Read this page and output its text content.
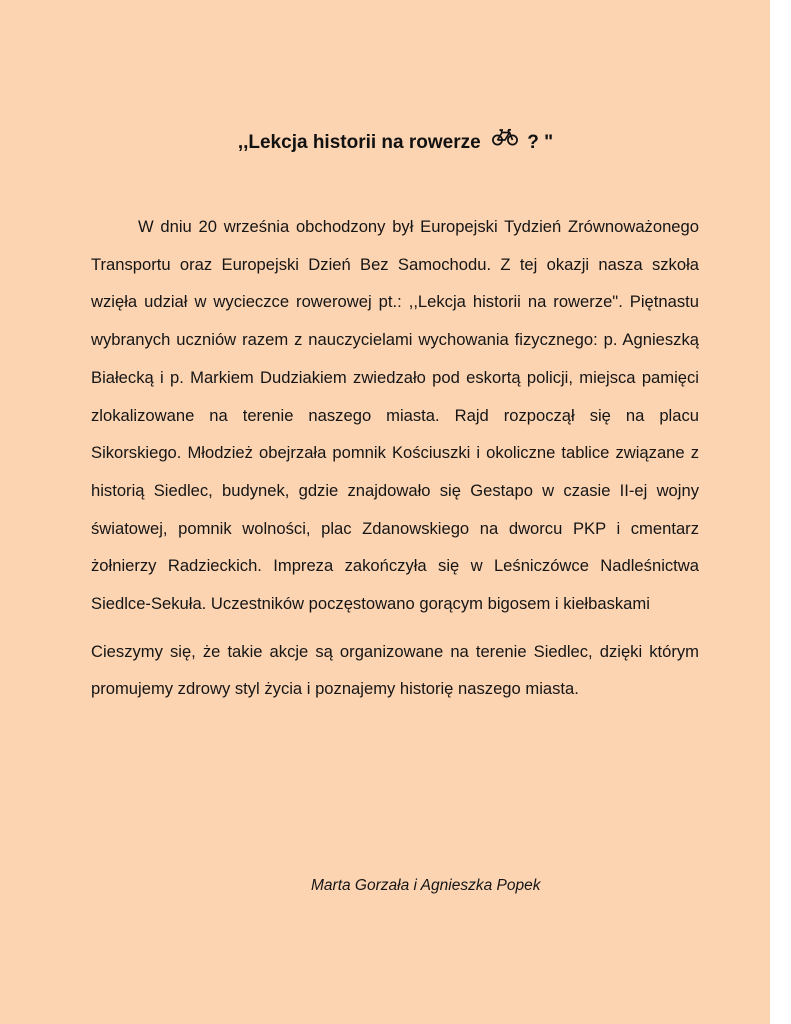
,,Lekcja historii na rowerze  ? "

W dniu 20 września obchodzony był Europejski Tydzień Zrównoważonego Transportu oraz Europejski Dzień Bez Samochodu. Z tej okazji nasza szkoła wzięła udział w wycieczce rowerowej pt.: ,,Lekcja historii na rowerze". Piętnastu wybranych uczniów razem z nauczycielami wychowania fizycznego: p. Agnieszką Białecką i p. Markiem Dudziakiem zwiedzało pod eskortą policji, miejsca pamięci zlokalizowane na terenie naszego miasta. Rajd rozpoczął się na placu Sikorskiego. Młodzież obejrzała pomnik Kościuszki i okoliczne tablice związane z historią Siedlec, budynek, gdzie znajdowało się Gestapo w czasie II-ej wojny światowej, pomnik wolności, plac Zdanowskiego na dworcu PKP i cmentarz żołnierzy Radzieckich. Impreza zakończyła się w Leśniczówce Nadleśnictwa Siedlce-Sekuła. Uczestników poczęstowano gorącym bigosem i kiełbaskami

Cieszymy się, że takie akcje są organizowane na terenie Siedlec, dzięki którym promujemy zdrowy styl życia i poznajemy historię naszego miasta.

Marta Gorzała i Agnieszka Popek
